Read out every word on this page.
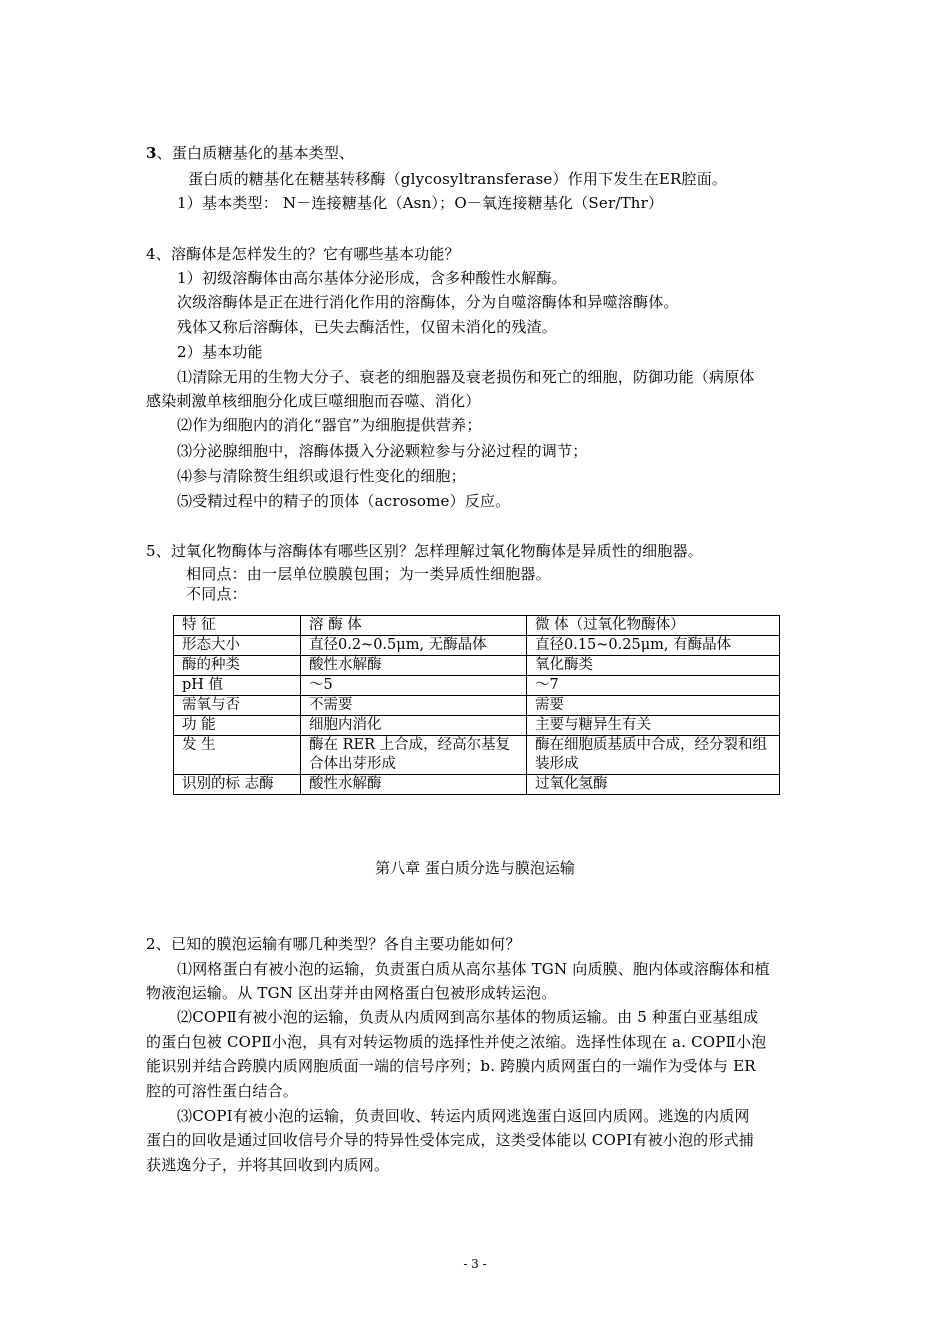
3、蛋白质糖基化的基本类型、
蛋白质的糖基化在糖基转移酶（glycosyltransferase）作用下发生在ER腔面。
1）基本类型： N－连接糖基化（Asn）；O－氧连接糖基化（Ser/Thr）
4、溶酶体是怎样发生的？它有哪些基本功能？
1）初级溶酶体由高尔基体分泌形成，含多种酸性水解酶。
次级溶酶体是正在进行消化作用的溶酶体，分为自噬溶酶体和异噬溶酶体。
残体又称后溶酶体，已失去酶活性，仅留未消化的残渣。
2）基本功能
⑴清除无用的生物大分子、衰老的细胞器及衰老损伤和死亡的细胞，防御功能（病原体
感染刺激单核细胞分化成巨噬细胞而吞噬、消化）
⑵作为细胞内的消化“器官”为细胞提供营养；
⑶分泌腺细胞中，溶酶体摄入分泌颗粒参与分泌过程的调节；
⑷参与清除赘生组织或退行性变化的细胞；
⑸受精过程中的精子的顶体（acrosome）反应。
5、过氧化物酶体与溶酶体有哪些区别？怎样理解过氧化物酶体是异质性的细胞器。
相同点：由一层单位膜膜包围；为一类异质性细胞器。
不同点：
特 征	溶 酶 体	微 体（过氧化物酶体）
形态大小	直径0.2~0.5μm, 无酶晶体	直径0.15~0.25μm, 有酶晶体
酶的种类	酸性水解酶	氧化酶类
pH 值	～5	～7
需氧与否	不需要	需要
功 能	细胞内消化	主要与糖异生有关
发 生	酶在 RER 上合成，经高尔基复合体出芽形成	酶在细胞质基质中合成，经分裂和组装形成
识别的标 志酶	酸性水解酶	过氧化氢酶
第八章 蛋白质分选与膜泡运输
2、已知的膜泡运输有哪几种类型？各自主要功能如何？
⑴网格蛋白有被小泡的运输，负责蛋白质从高尔基体 TGN 向质膜、胞内体或溶酶体和植
物液泡运输。从 TGN 区出芽并由网格蛋白包被形成转运泡。
⑵COPⅡ有被小泡的运输，负责从内质网到高尔基体的物质运输。由 5 种蛋白亚基组成
的蛋白包被 COPⅡ小泡，具有对转运物质的选择性并使之浓缩。选择性体现在 a. COPⅡ小泡
能识别并结合跨膜内质网胞质面一端的信号序列；b. 跨膜内质网蛋白的一端作为受体与 ER
腔的可溶性蛋白结合。
⑶COPⅠ有被小泡的运输，负责回收、转运内质网逃逸蛋白返回内质网。逃逸的内质网
蛋白的回收是通过回收信号介导的特异性受体完成，这类受体能以 COPⅠ有被小泡的形式捕
获逃逸分子，并将其回收到内质网。
- 3 -
